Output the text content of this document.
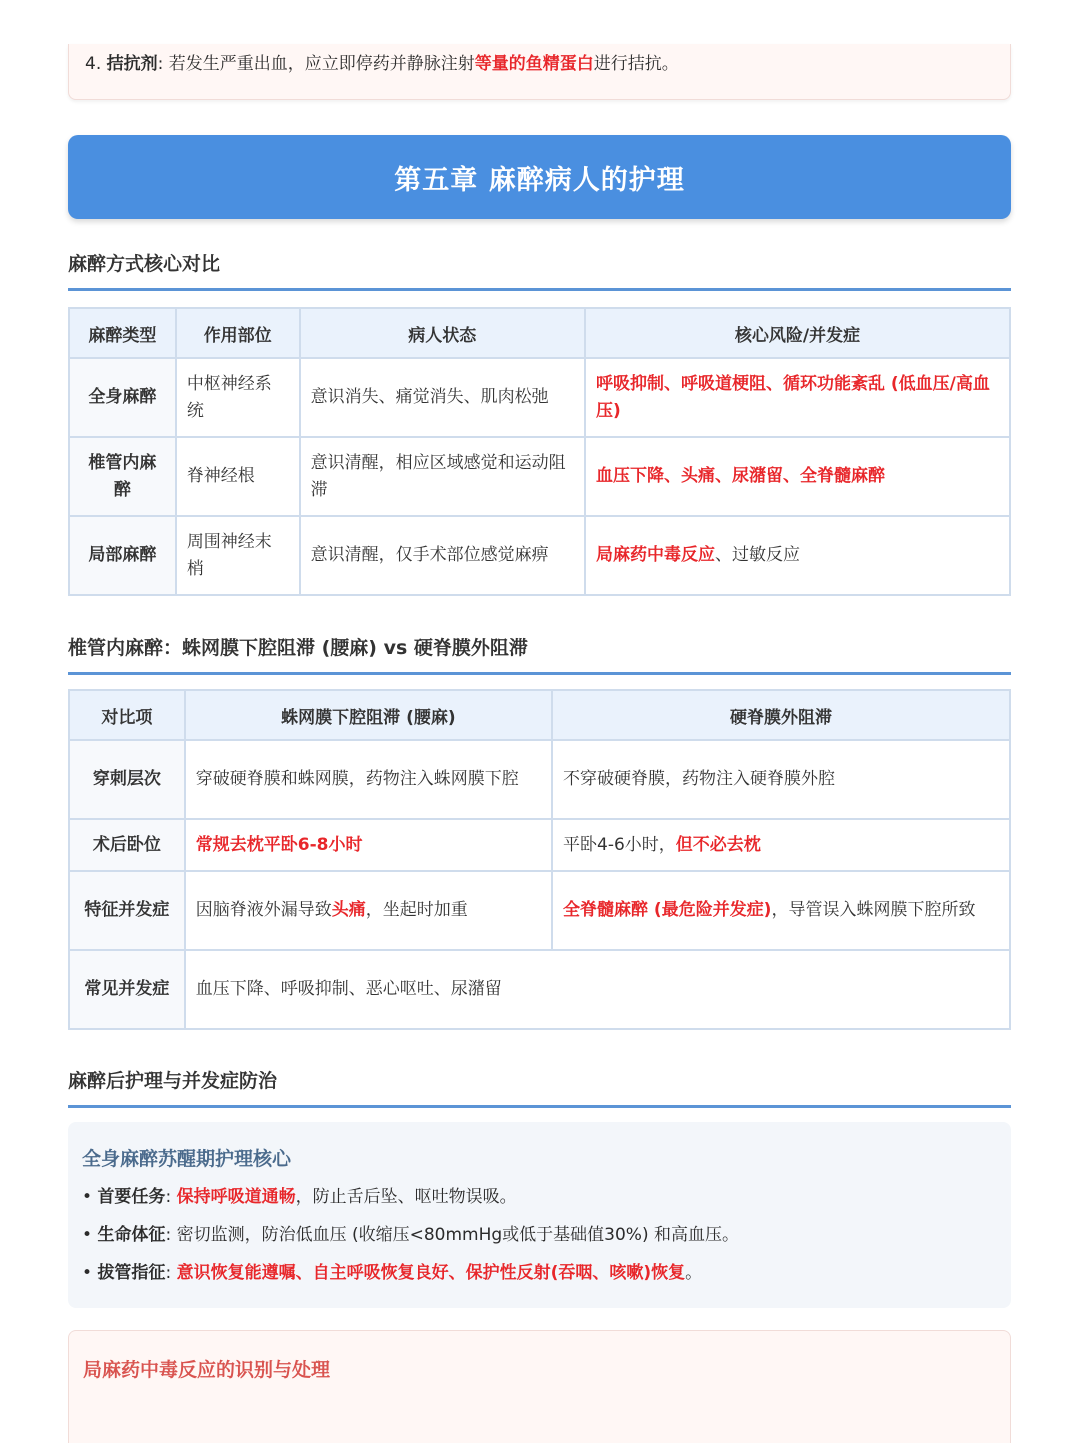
4. 拮抗剂: 若发生严重出血，应立即停药并静脉注射等量的鱼精蛋白进行拮抗。
第五章 麻醉病人的护理
麻醉方式核心对比
麻醉类型	作用部位	病人状态	核心风险/并发症
全身麻醉	中枢神经系统	意识消失、痛觉消失、肌肉松弛	呼吸抑制、呼吸道梗阻、循环功能紊乱 (低血压/高血压)
椎管内麻醉	脊神经根	意识清醒，相应区域感觉和运动阻滞	血压下降、头痛、尿潴留、全脊髓麻醉
局部麻醉	周围神经末梢	意识清醒，仅手术部位感觉麻痹	局麻药中毒反应、过敏反应
椎管内麻醉：蛛网膜下腔阻滞 (腰麻) vs 硬脊膜外阻滞
对比项	蛛网膜下腔阻滞 (腰麻)	硬脊膜外阻滞
穿刺层次	穿破硬脊膜和蛛网膜，药物注入蛛网膜下腔	不穿破硬脊膜，药物注入硬脊膜外腔
术后卧位	常规去枕平卧6-8小时	平卧4-6小时，但不必去枕
特征并发症	因脑脊液外漏导致头痛，坐起时加重	全脊髓麻醉 (最危险并发症)，导管误入蛛网膜下腔所致
常见并发症	血压下降、呼吸抑制、恶心呕吐、尿潴留	
麻醉后护理与并发症防治
全身麻醉苏醒期护理核心
• 首要任务: 保持呼吸道通畅，防止舌后坠、呕吐物误吸。
• 生命体征: 密切监测，防治低血压 (收缩压<80mmHg或低于基础值30%) 和高血压。
• 拔管指征: 意识恢复能遵嘱、自主呼吸恢复良好、保护性反射(吞咽、咳嗽)恢复。
局麻药中毒反应的识别与处理
